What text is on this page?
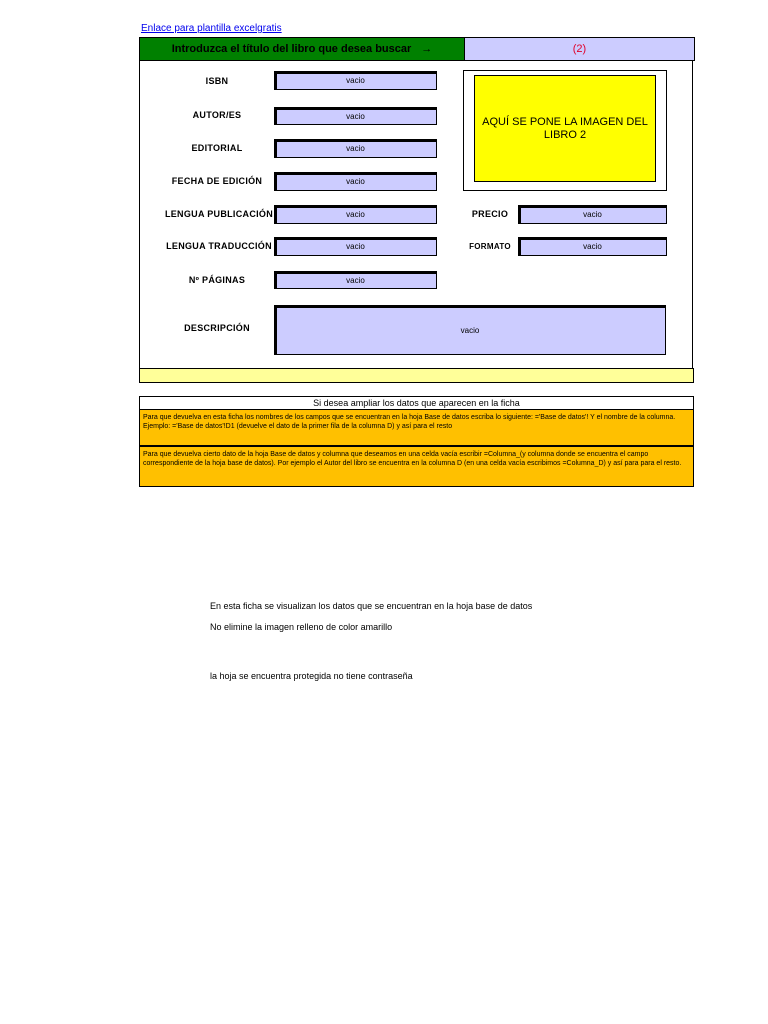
Enlace para plantilla excelgratis
Introduzca el título del libro que desea buscar →	(2)
ISBN	vacio
AUTOR/ES	vacio
EDITORIAL	vacio
FECHA DE EDICIÓN	vacio
LENGUA PUBLICACIÓN	vacio
LENGUA TRADUCCIÓN	vacio
Nº PÁGINAS	vacio
DESCRIPCIÓN	vacio
AQUÍ SE PONE LA IMAGEN DEL LIBRO 2
PRECIO	vacio
FORMATO	vacio
Si desea ampliar los datos que aparecen en la ficha
Para que devuelva en esta ficha los nombres de los campos que se encuentran en la hoja Base de datos escriba lo siguiente: ='Base de datos'! Y el nombre de la columna. Ejemplo: ='Base de datos'!D1 (devuelve el dato de la primer fila de la columna D) y así para el resto
Para que devuelva cierto dato de la hoja Base de datos y columna que deseamos en una celda vacía escribir =Columna_(y columna donde se encuentra el campo correspondiente de la hoja base de datos). Por ejemplo el Autor del libro se encuentra en la columna D (en una celda vacía escribimos =Columna_D) y así para para el resto.
En esta ficha se visualizan los datos que se encuentran en la hoja base de datos
No elimine la imagen relleno de color amarillo
la hoja se encuentra protegida no tiene contraseña
